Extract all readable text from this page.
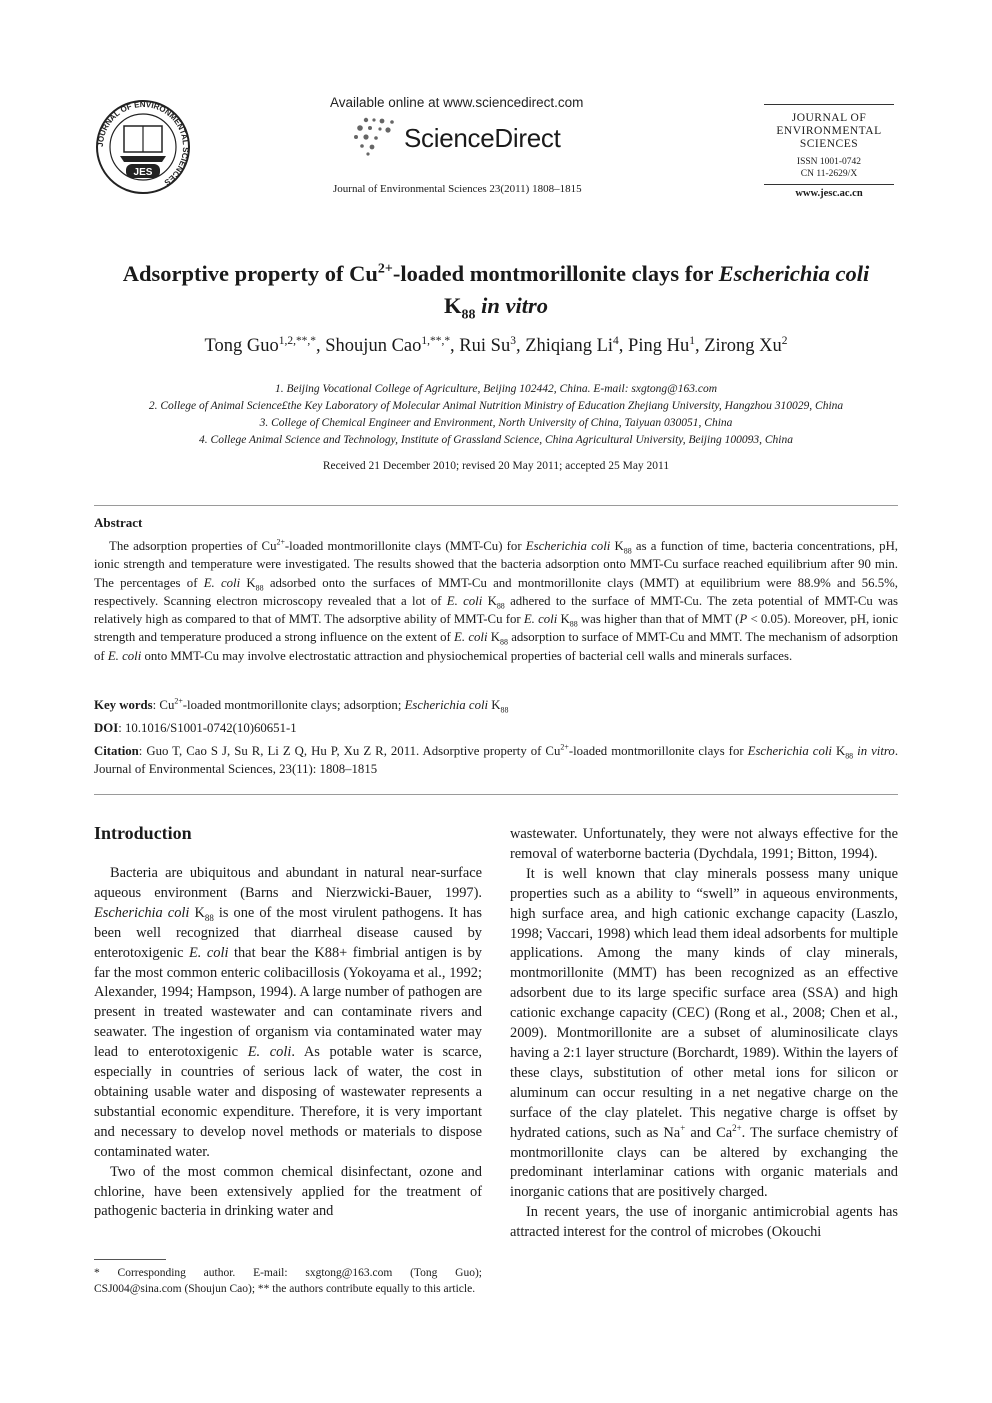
JOURNAL OF ENVIRONMENTAL SCIENCES
JES
Available online at www.sciencedirect.com
ScienceDirect
Journal of Environmental Sciences 23(2011) 1808–1815
JOURNAL OF
ENVIRONMENTAL
SCIENCES
ISSN 1001-0742
CN 11-2629/X
www.jesc.ac.cn
Adsorptive property of $Cu^{2+}$-loaded montmorillonite clays for Escherichia coli
$K_{88}$ in vitro
Tong Guo$^{1,2,**,*}$, Shoujun Cao$^{1,**,*}$, Rui Su$^3$, Zhiqiang Li$^4$, Ping Hu$^1$, Zirong Xu$^2$
1. Beijing Vocational College of Agriculture, Beijing 102442, China. E-mail: sxgtong@163.com
2. College of Animal Science£the Key Laboratory of Molecular Animal Nutrition Ministry of Education Zhejiang University, Hangzhou 310029, China
3. College of Chemical Engineer and Environment, North University of China, Taiyuan 030051, China
4. College Animal Science and Technology, Institute of Grassland Science, China Agricultural University, Beijing 100093, China
Received 21 December 2010; revised 20 May 2011; accepted 25 May 2011
Abstract
The adsorption properties of $Cu^{2+}$-loaded montmorillonite clays (MMT-Cu) for Escherichia coli $K_{88}$ as a function of time, bacteria concentrations, pH, ionic strength and temperature were investigated. The results showed that the bacteria adsorption onto MMT-Cu surface reached equilibrium after 90 min. The percentages of E. coli $K_{88}$ adsorbed onto the surfaces of MMT-Cu and montmorillonite clays (MMT) at equilibrium were 88.9% and 56.5%, respectively. Scanning electron microscopy revealed that a lot of E. coli $K_{88}$ adhered to the surface of MMT-Cu. The zeta potential of MMT-Cu was relatively high as compared to that of MMT. The adsorptive ability of MMT-Cu for E. coli $K_{88}$ was higher than that of MMT (P < 0.05). Moreover, pH, ionic strength and temperature produced a strong influence on the extent of E. coli $K_{88}$ adsorption to surface of MMT-Cu and MMT. The mechanism of adsorption of E. coli onto MMT-Cu may involve electrostatic attraction and physiochemical properties of bacterial cell walls and minerals surfaces.
Key words: $Cu^{2+}$-loaded montmorillonite clays; adsorption; Escherichia coli $K_{88}$
DOI: 10.1016/S1001-0742(10)60651-1
Citation: Guo T, Cao S J, Su R, Li Z Q, Hu P, Xu Z R, 2011. Adsorptive property of $Cu^{2+}$-loaded montmorillonite clays for Escherichia coli $K_{88}$ in vitro. Journal of Environmental Sciences, 23(11): 1808–1815
Introduction

Bacteria are ubiquitous and abundant in natural near-surface aqueous environment (Barns and Nierzwicki-Bauer, 1997). Escherichia coli $K_{88}$ is one of the most virulent pathogens. It has been well recognized that diarrheal disease caused by enterotoxigenic E. coli that bear the K88+ fimbrial antigen is by far the most common enteric colibacillosis (Yokoyama et al., 1992; Alexander, 1994; Hampson, 1994). A large number of pathogen are present in treated wastewater and can contaminate rivers and seawater. The ingestion of organism via contaminated water may lead to enterotoxigenic E. coli. As potable water is scarce, especially in countries of serious lack of water, the cost in obtaining usable water and disposing of wastewater represents a substantial economic expenditure. Therefore, it is very important and necessary to develop novel methods or materials to dispose contaminated water.

Two of the most common chemical disinfectant, ozone and chlorine, have been extensively applied for the treatment of pathogenic bacteria in drinking water and

wastewater. Unfortunately, they were not always effective for the removal of waterborne bacteria (Dychdala, 1991; Bitton, 1994).

It is well known that clay minerals possess many unique properties such as a ability to “swell” in aqueous environments, high surface area, and high cationic exchange capacity (Laszlo, 1998; Vaccari, 1998) which lead them ideal adsorbents for multiple applications. Among the many kinds of clay minerals, montmorillonite (MMT) has been recognized as an effective adsorbent due to its large specific surface area (SSA) and high cationic exchange capacity (CEC) (Rong et al., 2008; Chen et al., 2009). Montmorillonite are a subset of aluminosilicate clays having a 2:1 layer structure (Borchardt, 1989). Within the layers of these clays, substitution of other metal ions for silicon or aluminum can occur resulting in a net negative charge on the surface of the clay platelet. This negative charge is offset by hydrated cations, such as Na+ and $Ca^{2+}$. The surface chemistry of montmorillonite clays can be altered by exchanging the predominant interlaminar cations with organic materials and inorganic cations that are positively charged.

In recent years, the use of inorganic antimicrobial agents has attracted interest for the control of microbes (Okouchi

* Corresponding author. E-mail: sxgtong@163.com (Tong Guo); CSJ004@sina.com (Shoujun Cao); ** the authors contribute equally to this article.
